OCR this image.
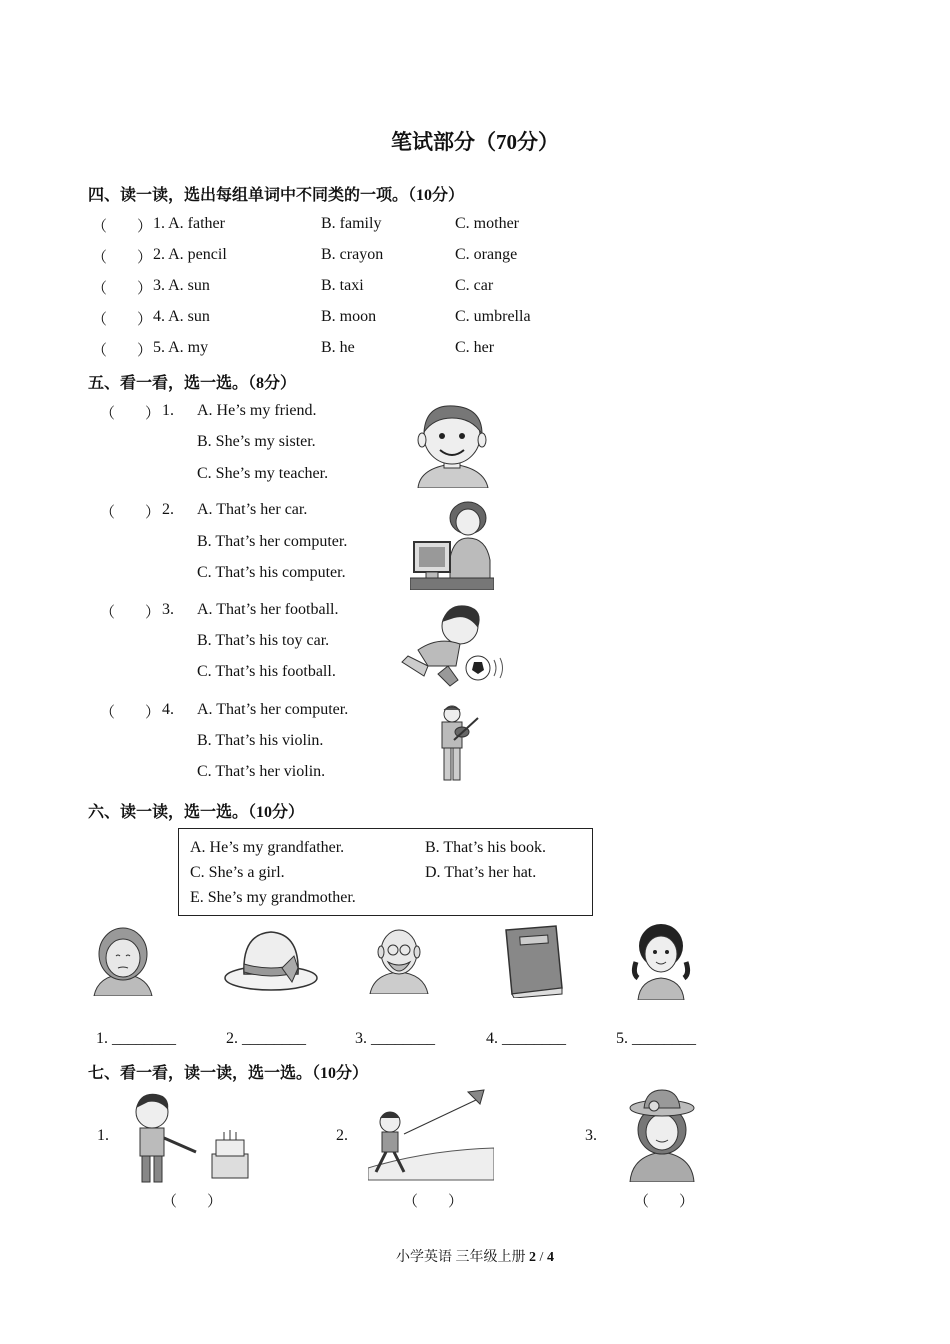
笔试部分（70分）
四、读一读，选出每组单词中不同类的一项。（10分）
（　　） 1. A. father	B. family	C. mother
（　　） 2. A. pencil	B. crayon	C. orange
（　　） 3. A. sun	B. taxi	C. car
（　　） 4. A. sun	B. moon	C. umbrella
（　　） 5. A. my	B. he	C. her
五、看一看，选一选。（8分）
（　　） 1. A. He’s my friend.
B. She’s my sister.
C. She’s my teacher.
（　　） 2. A. That’s her car.
B. That’s her computer.
C. That’s his computer.
（　　） 3. A. That’s her football.
B. That’s his toy car.
C. That’s his football.
（　　） 4. A. That’s her computer.
B. That’s his violin.
C. That’s her violin.
六、读一读，选一选。（10分）
A. He’s my grandfather.	B. That’s his book.
C. She’s a girl.	D. That’s her hat.
E. She’s my grandmother.
1. ________	2. ________	3. ________	4. ________	5. ________
七、看一看，读一读，选一选。（10分）
1.
（　　）
2.
（　　）
3.
（　　）
小学英语 三年级上册 2 / 4
